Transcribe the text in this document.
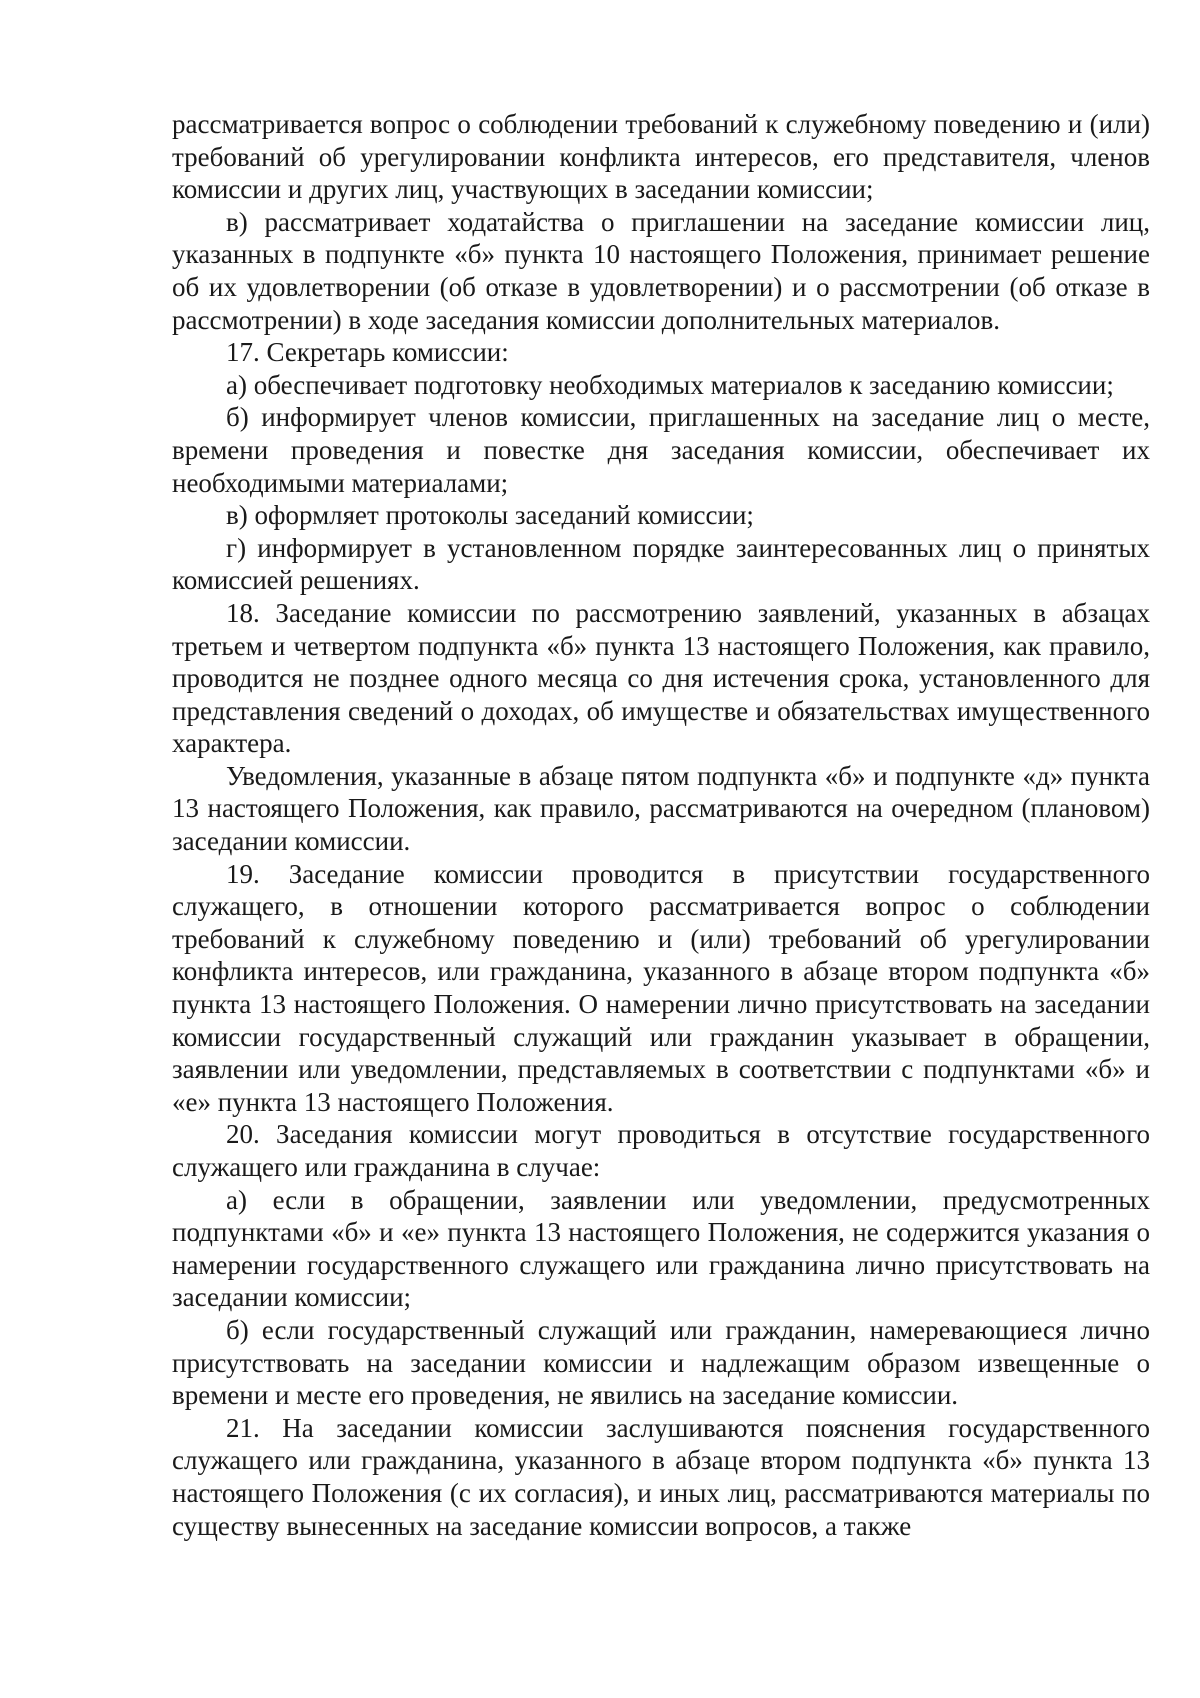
рассматривается вопрос о соблюдении требований к служебному поведению и (или) требований об урегулировании конфликта интересов, его представителя, членов комиссии и других лиц, участвующих в заседании комиссии;

в) рассматривает ходатайства о приглашении на заседание комиссии лиц, указанных в подпункте «б» пункта 10 настоящего Положения, принимает решение об их удовлетворении (об отказе в удовлетворении) и о рассмотрении (об отказе в рассмотрении) в ходе заседания комиссии дополнительных материалов.

17. Секретарь комиссии:

а) обеспечивает подготовку необходимых материалов к заседанию комиссии;

б) информирует членов комиссии, приглашенных на заседание лиц о месте, времени проведения и повестке дня заседания комиссии, обеспечивает их необходимыми материалами;

в) оформляет протоколы заседаний комиссии;

г) информирует в установленном порядке заинтересованных лиц о принятых комиссией решениях.

18. Заседание комиссии по рассмотрению заявлений, указанных в абзацах третьем и четвертом подпункта «б» пункта 13 настоящего Положения, как правило, проводится не позднее одного месяца со дня истечения срока, установленного для представления сведений о доходах, об имуществе и обязательствах имущественного характера.

Уведомления, указанные в абзаце пятом подпункта «б» и подпункте «д» пункта 13 настоящего Положения, как правило, рассматриваются на очередном (плановом) заседании комиссии.

19. Заседание комиссии проводится в присутствии государственного служащего, в отношении которого рассматривается вопрос о соблюдении требований к служебному поведению и (или) требований об урегулировании конфликта интересов, или гражданина, указанного в абзаце втором подпункта «б» пункта 13 настоящего Положения. О намерении лично присутствовать на заседании комиссии государственный служащий или гражданин указывает в обращении, заявлении или уведомлении, представляемых в соответствии с подпунктами «б» и «е» пункта 13 настоящего Положения.

20. Заседания комиссии могут проводиться в отсутствие государственного служащего или гражданина в случае:

а) если в обращении, заявлении или уведомлении, предусмотренных подпунктами «б» и «е» пункта 13 настоящего Положения, не содержится указания о намерении государственного служащего или гражданина лично присутствовать на заседании комиссии;

б) если государственный служащий или гражданин, намеревающиеся лично присутствовать на заседании комиссии и надлежащим образом извещенные о времени и месте его проведения, не явились на заседание комиссии.

21. На заседании комиссии заслушиваются пояснения государственного служащего или гражданина, указанного в абзаце втором подпункта «б» пункта 13 настоящего Положения (с их согласия), и иных лиц, рассматриваются материалы по существу вынесенных на заседание комиссии вопросов, а также
